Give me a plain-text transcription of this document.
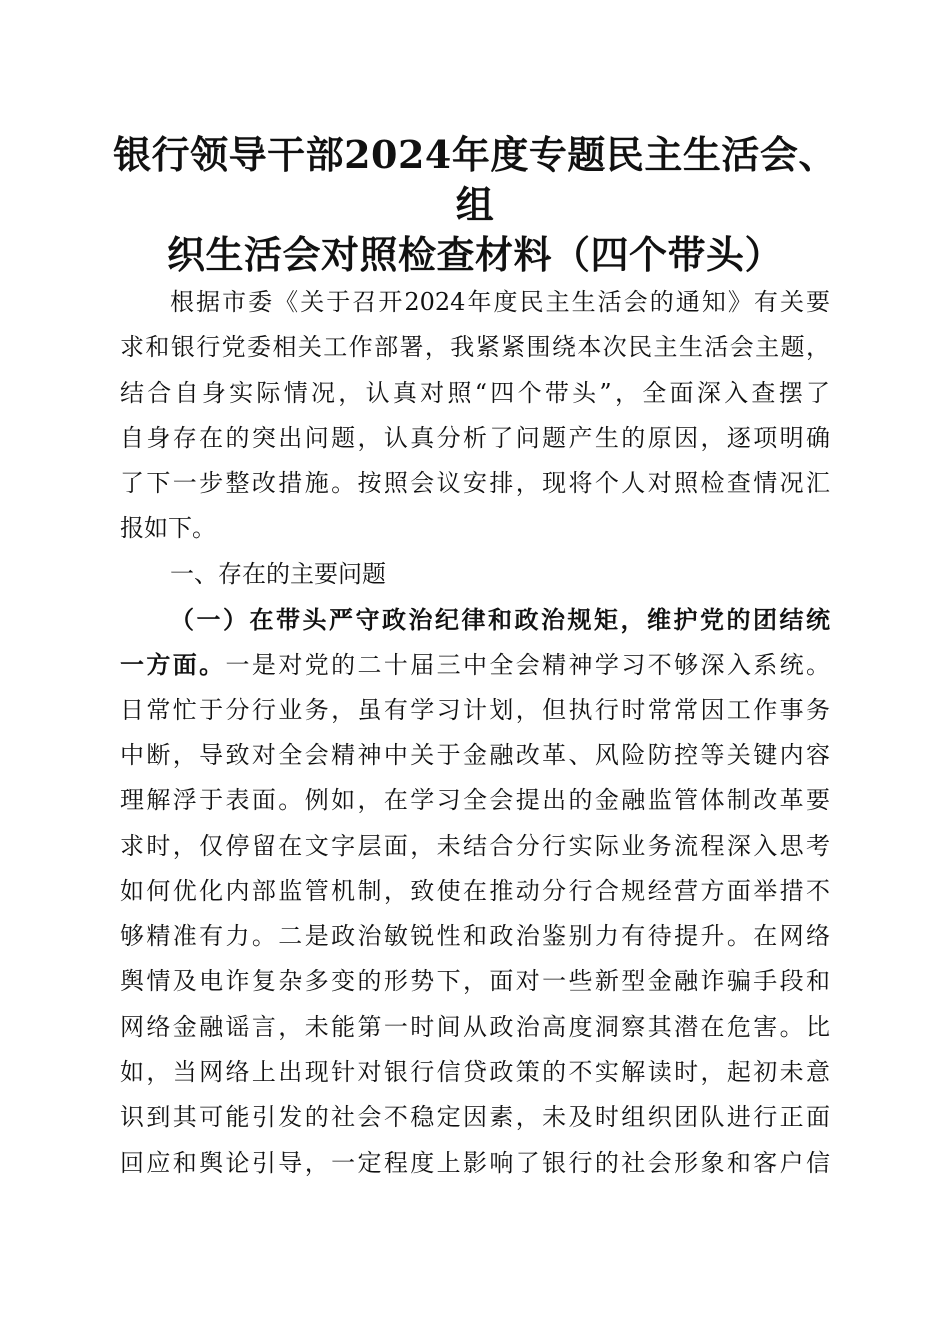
银行领导干部2024年度专题民主生活会、组
织生活会对照检查材料（四个带头）
根据市委《关于召开2024年度民主生活会的通知》有关要
求和银行党委相关工作部署，我紧紧围绕本次民主生活会主题，
结合自身实际情况，认真对照“四个带头”，全面深入查摆了
自身存在的突出问题，认真分析了问题产生的原因，逐项明确
了下一步整改措施。按照会议安排，现将个人对照检查情况汇
报如下。
一、存在的主要问题
（一）在带头严守政治纪律和政治规矩，维护党的团结统
一方面。一是对党的二十届三中全会精神学习不够深入系统。
日常忙于分行业务，虽有学习计划，但执行时常常因工作事务
中断，导致对全会精神中关于金融改革、风险防控等关键内容
理解浮于表面。例如，在学习全会提出的金融监管体制改革要
求时，仅停留在文字层面，未结合分行实际业务流程深入思考
如何优化内部监管机制，致使在推动分行合规经营方面举措不
够精准有力。二是政治敏锐性和政治鉴别力有待提升。在网络
舆情及电诈复杂多变的形势下，面对一些新型金融诈骗手段和
网络金融谣言，未能第一时间从政治高度洞察其潜在危害。比
如，当网络上出现针对银行信贷政策的不实解读时，起初未意
识到其可能引发的社会不稳定因素，未及时组织团队进行正面
回应和舆论引导，一定程度上影响了银行的社会形象和客户信
